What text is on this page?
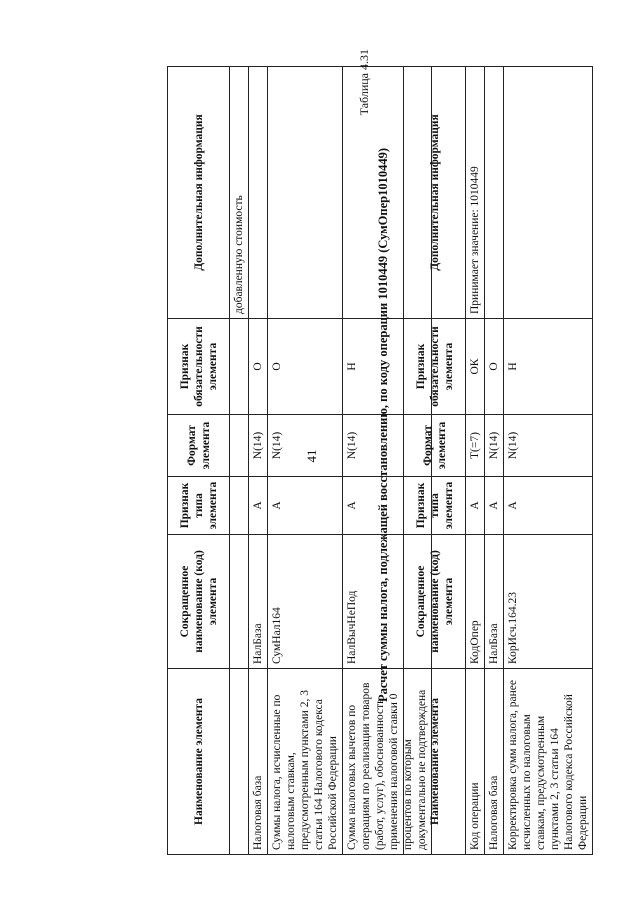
41
Наименование элемента	Сокращенное наименование (код) элемента	Признак типа элемента	Формат элемента	Признак обязательности элемента	Дополнительная информация
					добавленную стоимость
Налоговая база	НалБаза	А	N(14)	О	
Суммы налога, исчисленные по налоговым ставкам, предусмотренным пунктами 2, 3 статьи 164 Налогового кодекса Российской Федерации	СумНал164	А	N(14)	О	
Сумма налоговых вычетов по операциям по реализации товаров (работ, услуг), обоснованность применения налоговой ставки 0 процентов по которым документально не подтверждена	НалВычНеПод	А	N(14)	Н	
Таблица 4.31
Расчет суммы налога, подлежащей восстановлению, по коду операции 1010449 (СумОпер1010449)
Наименование элемента	Сокращенное наименование (код) элемента	Признак типа элемента	Формат элемента	Признак обязательности элемента	Дополнительная информация
Код операции	КодОпер	А	T(=7)	ОК	Принимает значение: 1010449
Налоговая база	НалБаза	А	N(14)	О	
Корректировка сумм налога, ранее исчисленных по налоговым ставкам, предусмотренным пунктами 2, 3 статьи 164 Налогового кодекса Российской Федерации	КорИсч.164.23	А	N(14)	Н	
